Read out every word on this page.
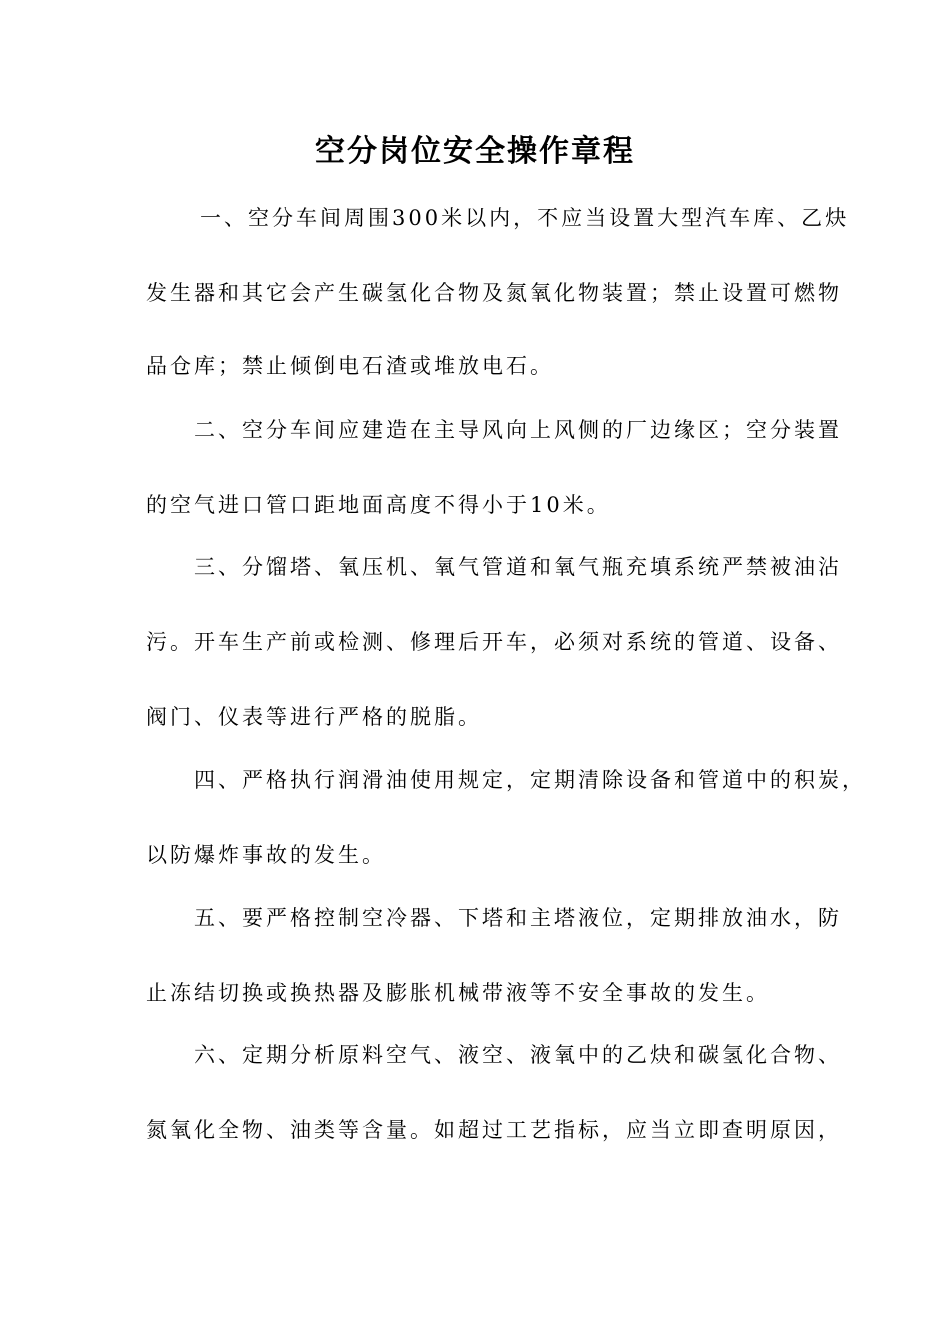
空分岗位安全操作章程
一、空分车间周围300米以内，不应当设置大型汽车库、乙炔
发生器和其它会产生碳氢化合物及氮氧化物装置；禁止设置可燃物
品仓库；禁止倾倒电石渣或堆放电石。
二、空分车间应建造在主导风向上风侧的厂边缘区；空分装置
的空气进口管口距地面高度不得小于10米。
三、分馏塔、氧压机、氧气管道和氧气瓶充填系统严禁被油沾
污。开车生产前或检测、修理后开车，必须对系统的管道、设备、
阀门、仪表等进行严格的脱脂。
四、严格执行润滑油使用规定，定期清除设备和管道中的积炭，
以防爆炸事故的发生。
五、要严格控制空冷器、下塔和主塔液位，定期排放油水，防
止冻结切换或换热器及膨胀机械带液等不安全事故的发生。
六、定期分析原料空气、液空、液氧中的乙炔和碳氢化合物、
氮氧化全物、油类等含量。如超过工艺指标，应当立即查明原因，
